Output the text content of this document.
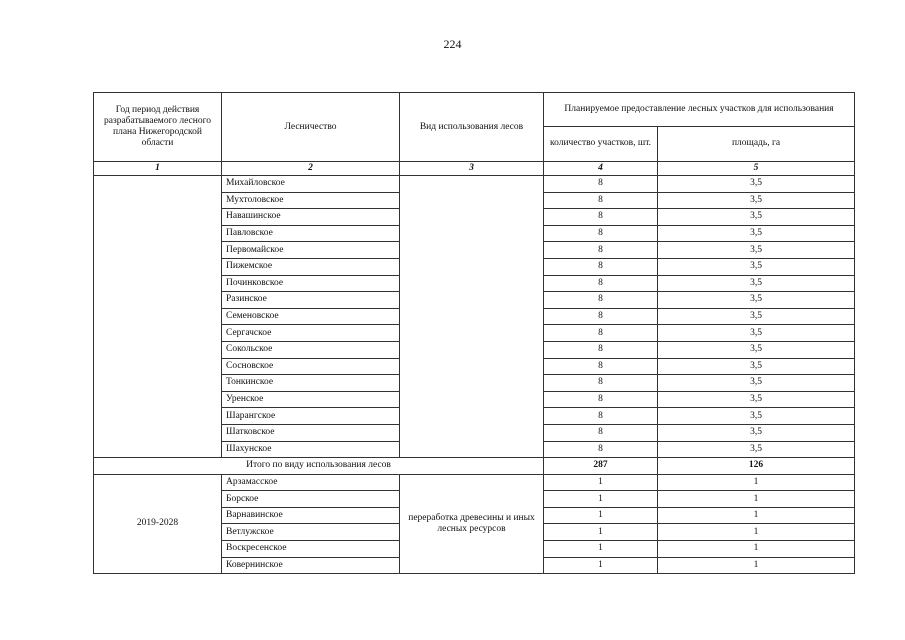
224
Год период действия разрабатываемого лесного плана Нижегородской области	Лесничество	Вид использования лесов	Планируемое предоставление лесных участков для использования	
			количество участков, шт.	площадь, га
1	2	3	4	5
	Михайловское		8	3,5
	Мухтоловское		8	3,5
	Навашинское		8	3,5
	Павловское		8	3,5
	Первомайское		8	3,5
	Пижемское		8	3,5
	Починковское		8	3,5
	Разинское		8	3,5
	Семеновское		8	3,5
	Сергачское		8	3,5
	Сокольское		8	3,5
	Сосновское		8	3,5
	Тонкинское		8	3,5
	Уренское		8	3,5
	Шарангское		8	3,5
	Шатковское		8	3,5
	Шахунское		8	3,5
Итого по виду использования лесов			287	126
2019-2028	Арзамасское	переработка древесины и иных лесных ресурсов	1	1
	Борское		1	1
	Варнавинское		1	1
	Ветлужское		1	1
	Воскресенское		1	1
	Ковернинское		1	1
